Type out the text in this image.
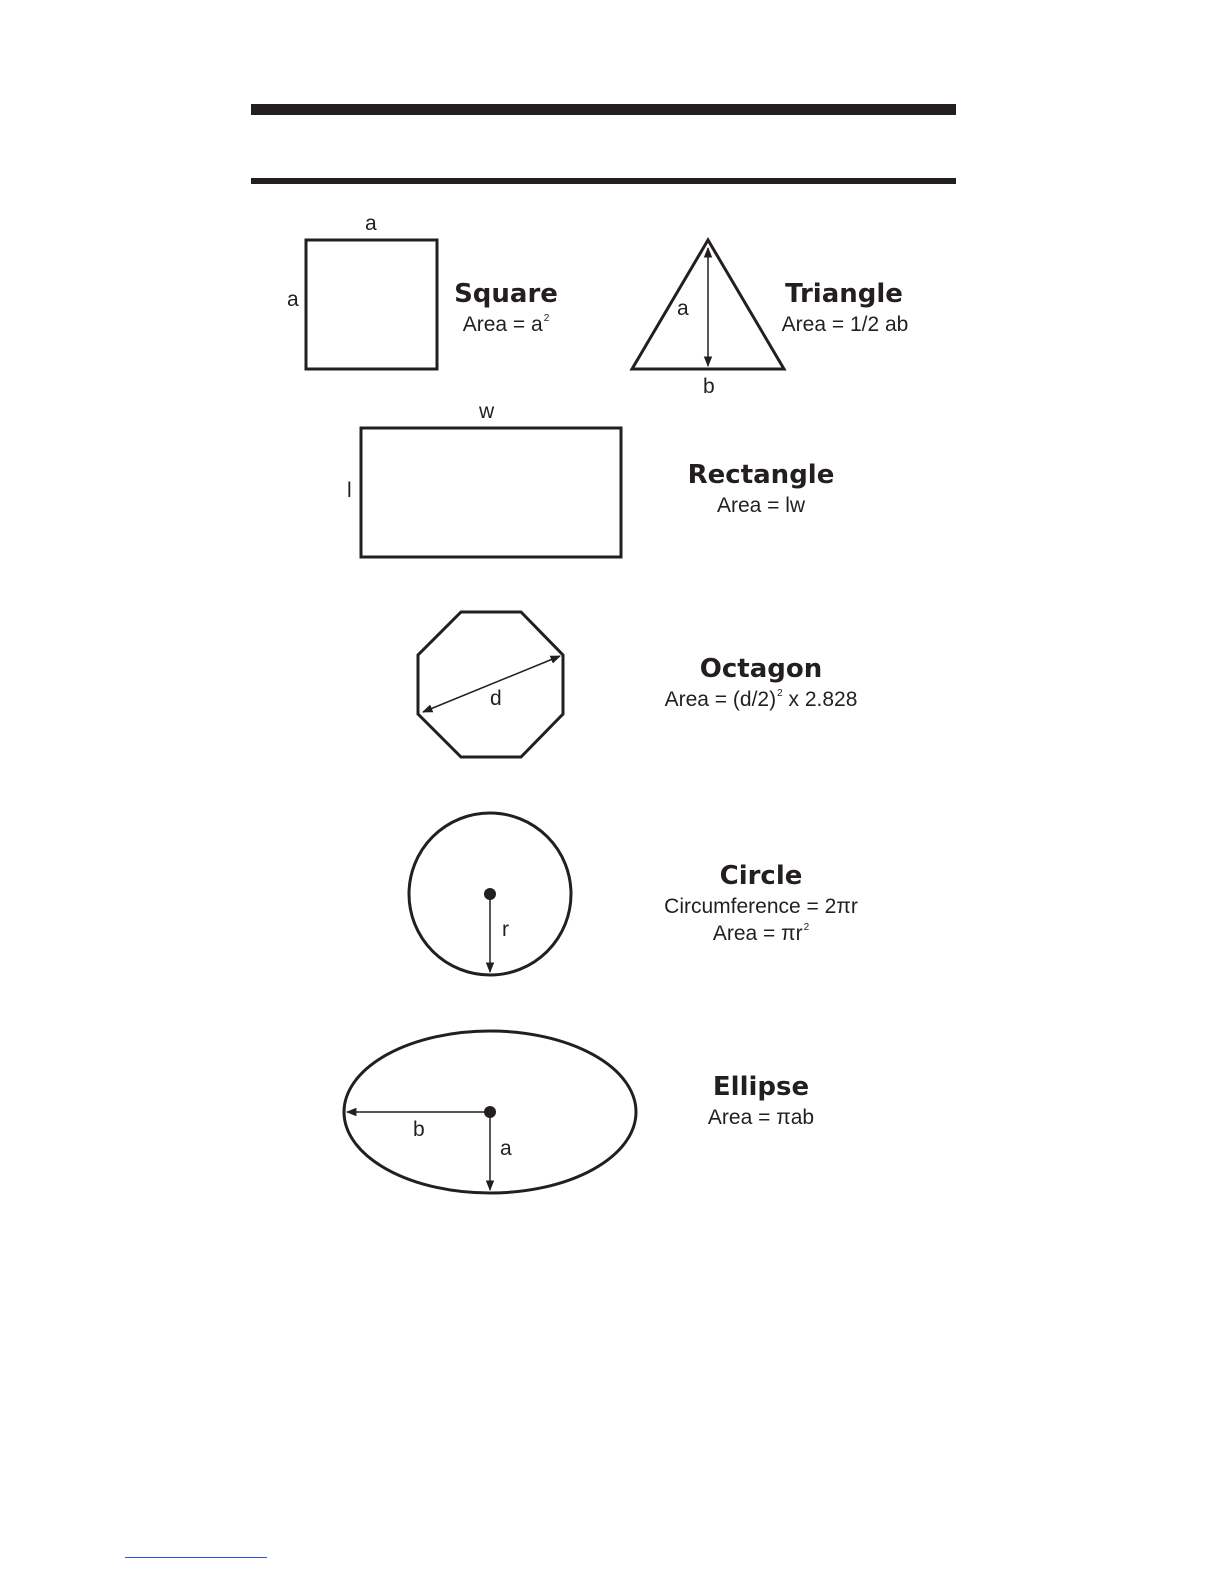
a
a	Square
Area = $a^2$	a
b
Triangle
Area = 1/2 ab
w
l
Rectangle
Area = lw
d
Octagon
Area = $(d/2)^2$ x 2.828
r
Circle
Circumference = 2πr
Area = $\pi r^2$
b
a
Ellipse
Area = πab
